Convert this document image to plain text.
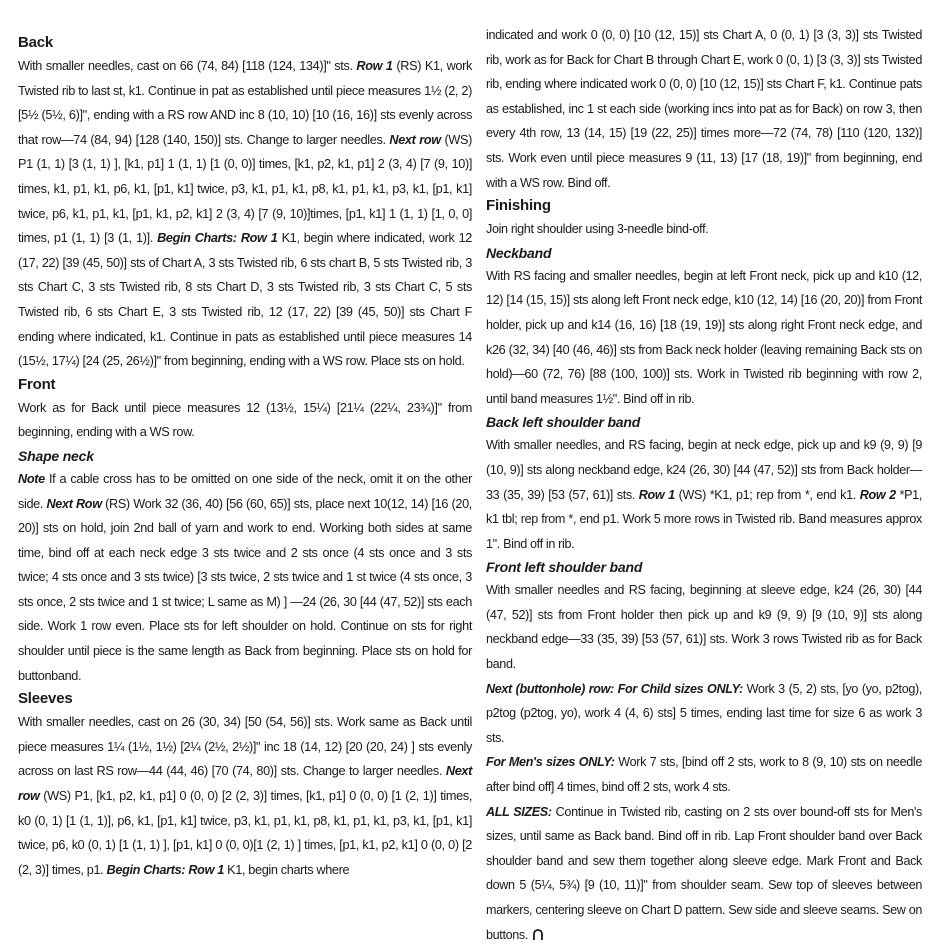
Back

With smaller needles, cast on 66 (74, 84) [118 (124, 134)]" sts. Row 1 (RS) K1, work Twisted rib to last st, k1. Continue in pat as established until piece measures 1½ (2, 2) [5½ (5½, 6)]", ending with a RS row AND inc 8 (10, 10) [10 (16, 16)] sts evenly across that row—74 (84, 94) [128 (140, 150)] sts. Change to larger needles. Next row (WS) P1 (1, 1) [3 (1, 1) ], [k1, p1] 1 (1, 1) [1 (0, 0)] times, [k1, p2, k1, p1] 2 (3, 4) [7 (9, 10)] times, k1, p1, k1, p6, k1, [p1, k1] twice, p3, k1, p1, k1, p8, k1, p1, k1, p3, k1, [p1, k1] twice, p6, k1, p1, k1, [p1, k1, p2, k1] 2 (3, 4) [7 (9, 10)]times, [p1, k1] 1 (1, 1) [1, 0, 0] times, p1 (1, 1) [3 (1, 1)]. Begin Charts: Row 1 K1, begin where indicated, work 12 (17, 22) [39 (45, 50)] sts of Chart A, 3 sts Twisted rib, 6 sts chart B, 5 sts Twisted rib, 3 sts Chart C, 3 sts Twisted rib, 8 sts Chart D, 3 sts Twisted rib, 3 sts Chart C, 5 sts Twisted rib, 6 sts Chart E, 3 sts Twisted rib, 12 (17, 22) [39 (45, 50)] sts Chart F ending where indicated, k1. Continue in pats as established until piece measures 14 (15½, 17¼) [24 (25, 26½)]" from beginning, ending with a WS row. Place sts on hold.

Front

Work as for Back until piece measures 12 (13½, 15¼) [21¼ (22¼, 23¾)]" from beginning, ending with a WS row.

Shape neck

Note If a cable cross has to be omitted on one side of the neck, omit it on the other side. Next Row (RS) Work 32 (36, 40) [56 (60, 65)] sts, place next 10(12, 14) [16 (20, 20)] sts on hold, join 2nd ball of yarn and work to end. Working both sides at same time, bind off at each neck edge 3 sts twice and 2 sts once (4 sts once and 3 sts twice; 4 sts once and 3 sts twice) [3 sts twice, 2 sts twice and 1 st twice (4 sts once, 3 sts once, 2 sts twice and 1 st twice; L same as M) ] —24 (26, 30 [44 (47, 52)] sts each side. Work 1 row even. Place sts for left shoulder on hold. Continue on sts for right shoulder until piece is the same length as Back from beginning. Place sts on hold for buttonband.

Sleeves

With smaller needles, cast on 26 (30, 34) [50 (54, 56)] sts. Work same as Back until piece measures 1¼ (1½, 1½) [2¼ (2½, 2½)]" inc 18 (14, 12) [20 (20, 24) ] sts evenly across on last RS row—44 (44, 46) [70 (74, 80)] sts. Change to larger needles. Next row (WS) P1, [k1, p2, k1, p1] 0 (0, 0) [2 (2, 3)] times, [k1, p1] 0 (0, 0) [1 (2, 1)] times, k0 (0, 1) [1 (1, 1)], p6, k1, [p1, k1] twice, p3, k1, p1, k1, p8, k1, p1, k1, p3, k1, [p1, k1] twice, p6, k0 (0, 1) [1 (1, 1) ], [p1, k1] 0 (0, 0)[1 (2, 1) ] times, [p1, k1, p2, k1] 0 (0, 0) [2 (2, 3)] times, p1. Begin Charts: Row 1 K1, begin charts where

indicated and work 0 (0, 0) [10 (12, 15)] sts Chart A, 0 (0, 1) [3 (3, 3)] sts Twisted rib, work as for Back for Chart B through Chart E, work 0 (0, 1) [3 (3, 3)] sts Twisted rib, ending where indicated work 0 (0, 0) [10 (12, 15)] sts Chart F, k1. Continue pats as established, inc 1 st each side (working incs into pat as for Back) on row 3, then every 4th row, 13 (14, 15) [19 (22, 25)] times more—72 (74, 78) [110 (120, 132)] sts. Work even until piece measures 9 (11, 13) [17 (18, 19)]" from beginning, end with a WS row. Bind off.

Finishing

Join right shoulder using 3-needle bind-off.

Neckband

With RS facing and smaller needles, begin at left Front neck, pick up and k10 (12, 12) [14 (15, 15)] sts along left Front neck edge, k10 (12, 14) [16 (20, 20)] from Front holder, pick up and k14 (16, 16) [18 (19, 19)] sts along right Front neck edge, and k26 (32, 34) [40 (46, 46)] sts from Back neck holder (leaving remaining Back sts on hold)—60 (72, 76) [88 (100, 100)] sts. Work in Twisted rib beginning with row 2, until band measures 1½". Bind off in rib.

Back left shoulder band

With smaller needles, and RS facing, begin at neck edge, pick up and k9 (9, 9) [9 (10, 9)] sts along neckband edge, k24 (26, 30) [44 (47, 52)] sts from Back holder—33 (35, 39) [53 (57, 61)] sts. Row 1 (WS) *K1, p1; rep from *, end k1. Row 2 *P1, k1 tbl; rep from *, end p1. Work 5 more rows in Twisted rib. Band measures approx 1". Bind off in rib.

Front left shoulder band

With smaller needles and RS facing, beginning at sleeve edge, k24 (26, 30) [44 (47, 52)] sts from Front holder then pick up and k9 (9, 9) [9 (10, 9)] sts along neckband edge—33 (35, 39) [53 (57, 61)] sts. Work 3 rows Twisted rib as for Back band.

Next (buttonhole) row: For Child sizes ONLY: Work 3 (5, 2) sts, [yo (yo, p2tog), p2tog (p2tog, yo), work 4 (4, 6) sts] 5 times, ending last time for size 6 as work 3 sts.

For Men's sizes ONLY: Work 7 sts, [bind off 2 sts, work to 8 (9, 10) sts on needle after bind off] 4 times, bind off 2 sts, work 4 sts.

ALL SIZES: Continue in Twisted rib, casting on 2 sts over bound-off sts for Men's sizes, until same as Back band. Bind off in rib. Lap Front shoulder band over Back shoulder band and sew them together along sleeve edge. Mark Front and Back down 5 (5¼, 5¾) [9 (10, 11)]" from shoulder seam. Sew top of sleeves between markers, centering sleeve on Chart D pattern. Sew side and sleeve seams. Sew on buttons.
